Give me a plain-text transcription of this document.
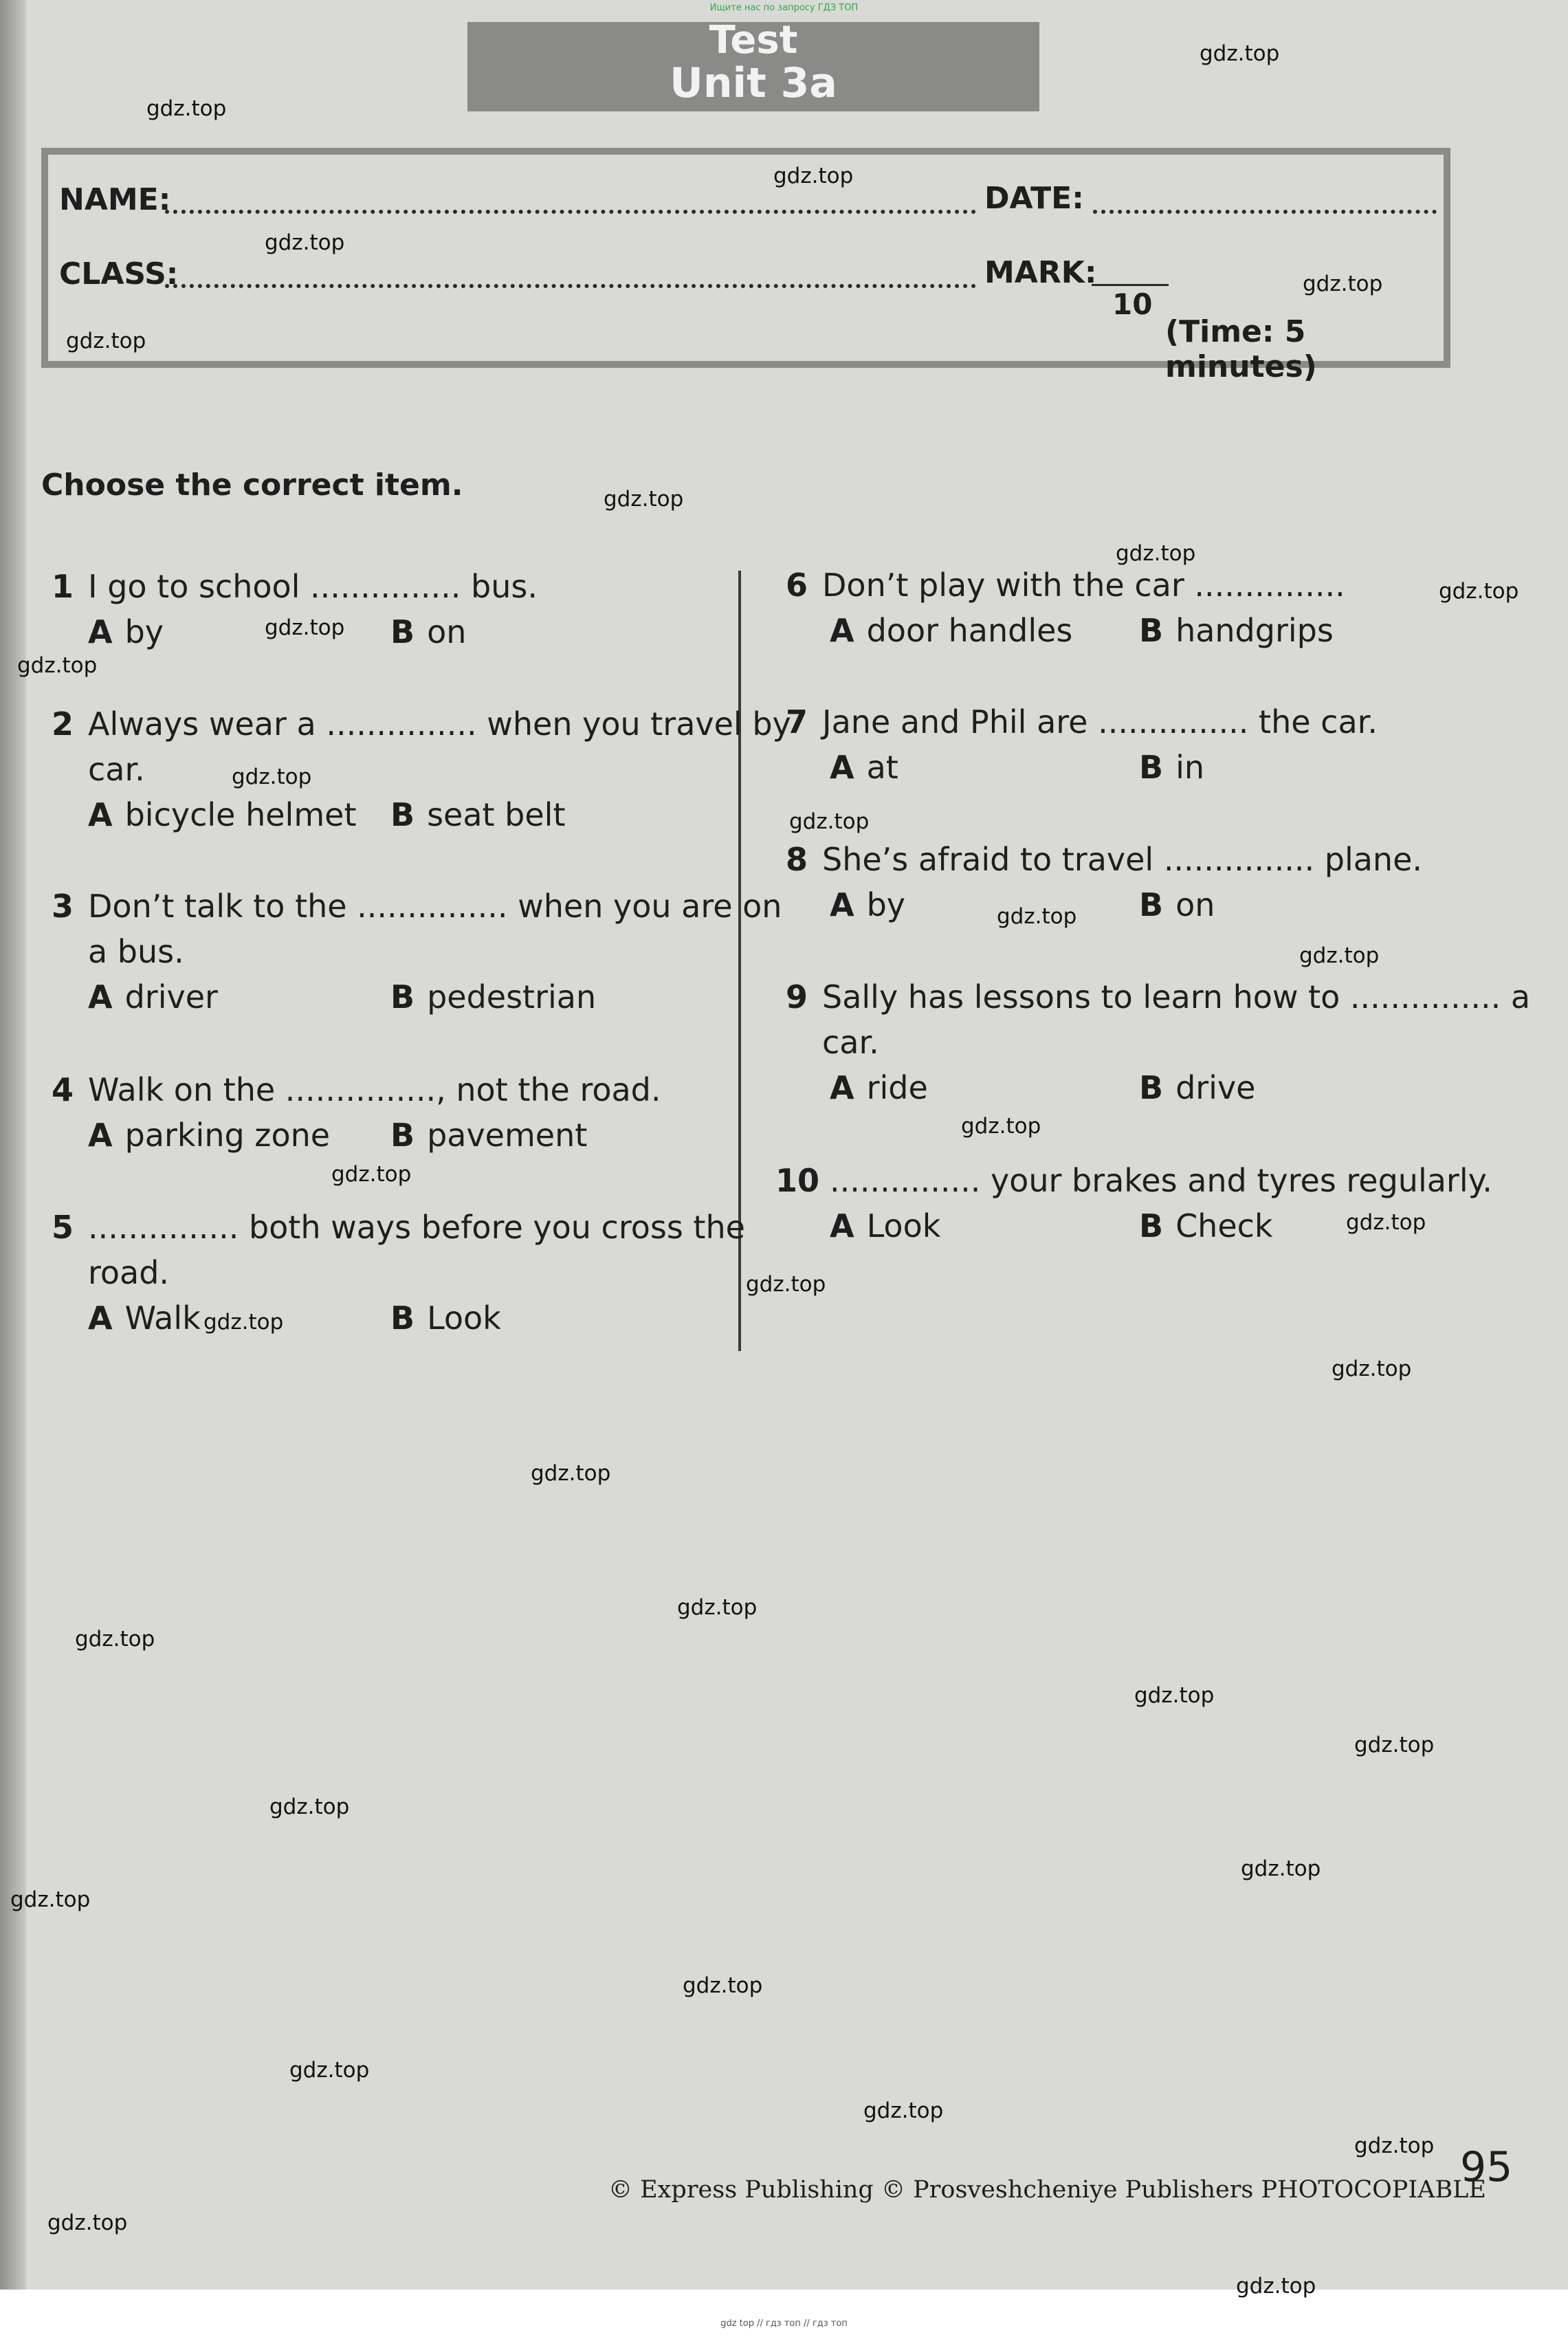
Ищите нас по запросу ГДЗ ТОП
Test
Unit 3a
NAME:	DATE:
CLASS:	MARK:
10
(Time: 5 minutes)
Choose the correct item.
1 I go to school ............... bus.
A by	B on
2 Always wear a ............... when you travel by
car.
A bicycle helmet B seat belt
3 Don’t talk to the ............... when you are on
a bus.
A driver	B pedestrian
4 Walk on the ..............., not the road.
A parking zone B pavement
5 ............... both ways before you cross the
road.
A Walk	B Look
6 Don’t play with the car ...............
A door handles B handgrips
7 Jane and Phil are ............... the car.
A at	B in
8 She’s afraid to travel ............... plane.
A by	B on
9 Sally has lessons to learn how to ............... a
car.
A ride	B drive
10 ............... your brakes and tyres regularly.
A Look	B Check
gdz.top
gdz.top
gdz.top
gdz.top
gdz.top
gdz.top
gdz.top
gdz.top
gdz.top
gdz.top
gdz.top
gdz.top
gdz.top
gdz.top
gdz.top
gdz.top
gdz.top
gdz.top
gdz.top
gdz.top
gdz.top
gdz.top
gdz.top
gdz.top
gdz.top
gdz.top
gdz.top
gdz.top
gdz.top
gdz.top
gdz.top
gdz.top
gdz.top
gdz.top
gdz.top
© Express Publishing © Prosveshcheniye Publishers PHOTOCOPIABLE
95
gdz top // гдз топ // гдз топ
